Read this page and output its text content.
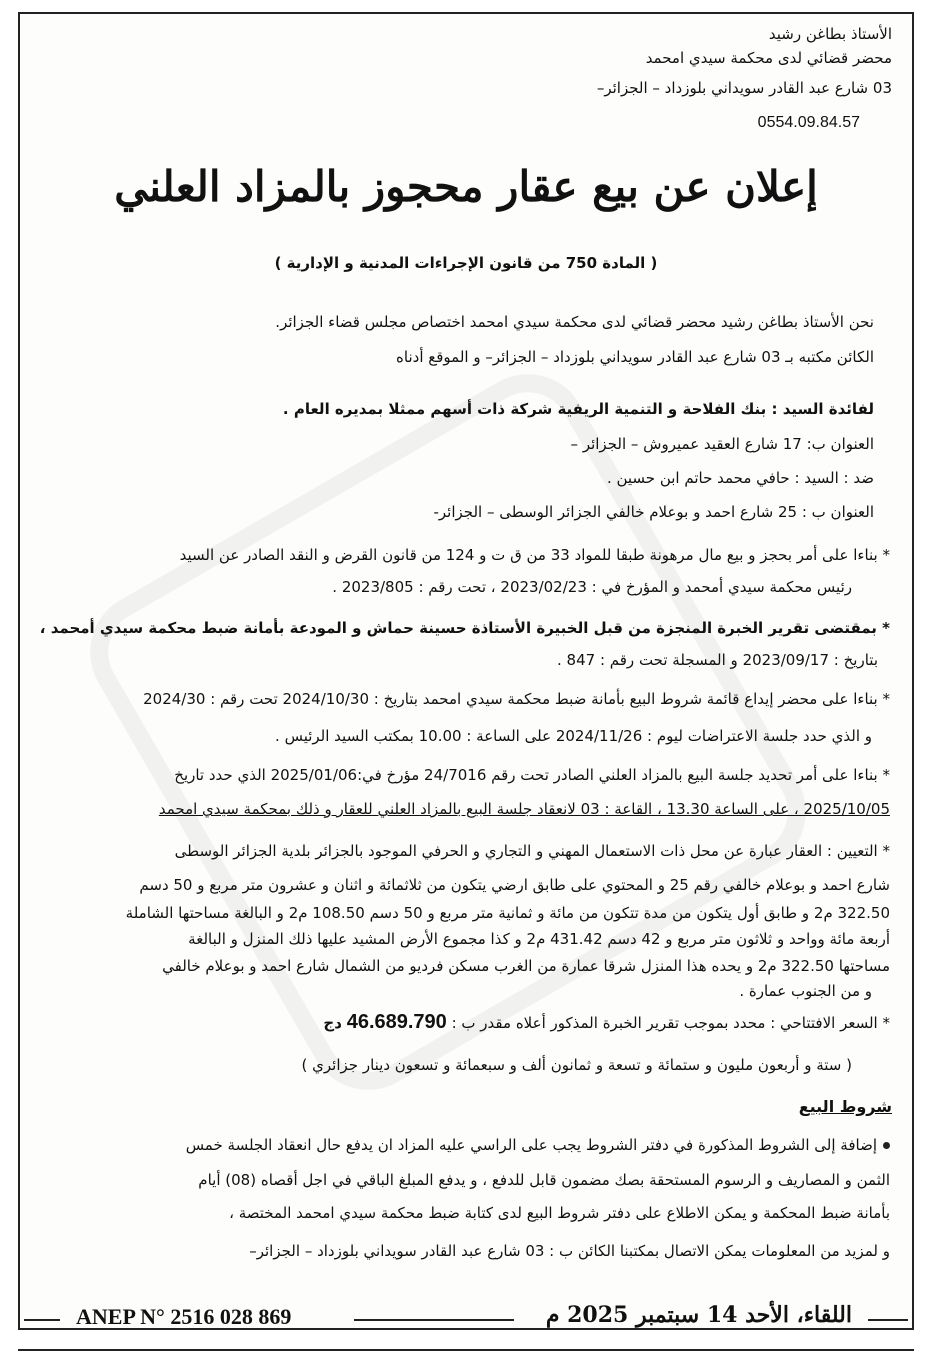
الأستاذ بطاغن رشيد
محضر قضائي لدى محكمة سيدي امحمد
03 شارع عبد القادر سويداني بلوزداد – الجزائر–
0554.09.84.57
إعلان عن بيع عقار محجوز بالمزاد العلني
( المادة 750 من قانون الإجراءات المدنية و الإدارية )
نحن الأستاذ بطاغن رشيد محضر قضائي لدى محكمة سيدي امحمد اختصاص مجلس قضاء الجزائر.
الكائن مكتبه بـ 03 شارع عبد القادر سويداني بلوزداد – الجزائر– و الموقع أدناه
لفائدة السيد : بنك الفلاحة و التنمية الريفية شركة ذات أسهم ممثلا بمديره العام .
العنوان ب: 17 شارع العقيد عميروش – الجزائر –
ضد : السيد : حافي محمد حاتم ابن حسين .
العنوان ب : 25 شارع احمد و بوعلام خالفي الجزائر الوسطى – الجزائر-
* بناءا على أمر بحجز و بيع مال مرهونة طبقا للمواد 33 من ق ت و 124 من قانون القرض و النقد الصادر عن السيد
رئيس محكمة سيدي أمحمد و المؤرخ في : 2023/02/23 ، تحت رقم : 2023/805 .
* بمقتضى تقرير الخبرة المنجزة من قبل الخبيرة الأستاذة حسينة حماش و المودعة بأمانة ضبط محكمة سيدي أمحمد ،
بتاريخ : 2023/09/17 و المسجلة تحت رقم : 847 .
* بناءا على محضر إيداع قائمة شروط البيع بأمانة ضبط محكمة سيدي امحمد بتاريخ : 2024/10/30 تحت رقم : 2024/30
و الذي حدد جلسة الاعتراضات ليوم : 2024/11/26 على الساعة : 10.00 بمكتب السيد الرئيس .
* بناءا على أمر تحديد جلسة البيع بالمزاد العلني الصادر تحت رقم 24/7016 مؤرخ في:2025/01/06 الذي حدد تاريخ
2025/10/05 ، على الساعة 13.30 ، القاعة : 03 لانعقاد جلسة البيع بالمزاد العلني للعقار و ذلك بمحكمة سيدي امحمد
* التعيين : العقار عبارة عن محل ذات الاستعمال المهني و التجاري و الحرفي الموجود بالجزائر بلدية الجزائر الوسطى
شارع احمد و بوعلام خالفي رقم 25 و المحتوي على طابق ارضي يتكون من ثلاثمائة و اثنان و عشرون متر مربع و 50 دسم
322.50 م2 و طابق أول يتكون من مدة تتكون من مائة و ثمانية متر مربع و 50 دسم 108.50 م2 و البالغة مساحتها الشاملة
أربعة مائة وواحد و ثلاثون متر مربع و 42 دسم 431.42 م2 و كذا مجموع الأرض المشيد عليها ذلك المنزل و البالغة
مساحتها 322.50 م2 و يحده هذا المنزل شرقا عمارة من الغرب مسكن فرديو من الشمال شارع احمد و بوعلام خالفي
و من الجنوب عمارة .
* السعر الافتتاحي : محدد بموجب تقرير الخبرة المذكور أعلاه مقدر ب : 46.689.790 دج
( ستة و أربعون مليون و ستمائة و تسعة و ثمانون ألف و سبعمائة و تسعون دينار جزائري )
شروط البيع
إضافة إلى الشروط المذكورة في دفتر الشروط يجب على الراسي عليه المزاد ان يدفع حال انعقاد الجلسة خمس
الثمن و المصاريف و الرسوم المستحقة بصك مضمون قابل للدفع ، و يدفع المبلغ الباقي في اجل أقصاه (08) أيام
بأمانة ضبط المحكمة و يمكن الاطلاع على دفتر شروط البيع لدى كتابة ضبط محكمة سيدي امحمد المختصة ،
و لمزيد من المعلومات يمكن الاتصال بمكتبنا الكائن ب : 03 شارع عبد القادر سويداني بلوزداد – الجزائر–
ANEP N° 2516 028 869	اللقاء، الأحد 14 سبتمبر 2025 م
